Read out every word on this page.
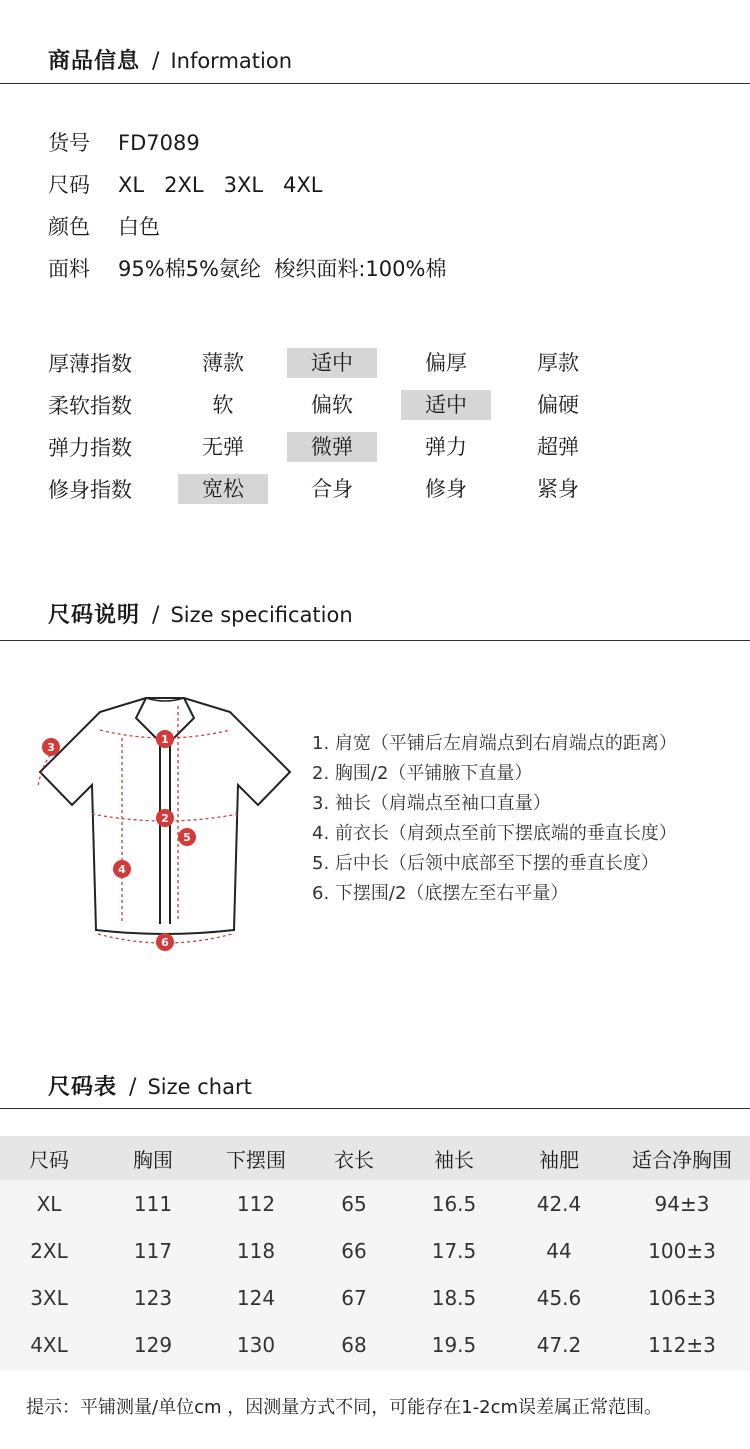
商品信息 / Information
货号 FD7089
尺码 XL   2XL   3XL   4XL
颜色 白色
面料 95%棉5%氨纶  梭织面料:100%棉
厚薄指数	薄款	适中	偏厚	厚款
柔软指数	软	偏软	适中	偏硬
弹力指数	无弹	微弹	弹力	超弹
修身指数	宽松	合身	修身	紧身
尺码说明 / Size specification
1
2
3
4
5
6
1. 肩宽（平铺后左肩端点到右肩端点的距离）
2. 胸围/2（平铺腋下直量）
3. 袖长（肩端点至袖口直量）
4. 前衣长（肩颈点至前下摆底端的垂直长度）
5. 后中长（后领中底部至下摆的垂直长度）
6. 下摆围/2（底摆左至右平量）
尺码表 / Size chart
尺码	胸围	下摆围	衣长	袖长	袖肥	适合净胸围
XL	111	112	65	16.5	42.4	94±3
2XL	117	118	66	17.5	44	100±3
3XL	123	124	67	18.5	45.6	106±3
4XL	129	130	68	19.5	47.2	112±3
提示：平铺测量/单位cm ，因测量方式不同，可能存在1-2cm误差属正常范围。
